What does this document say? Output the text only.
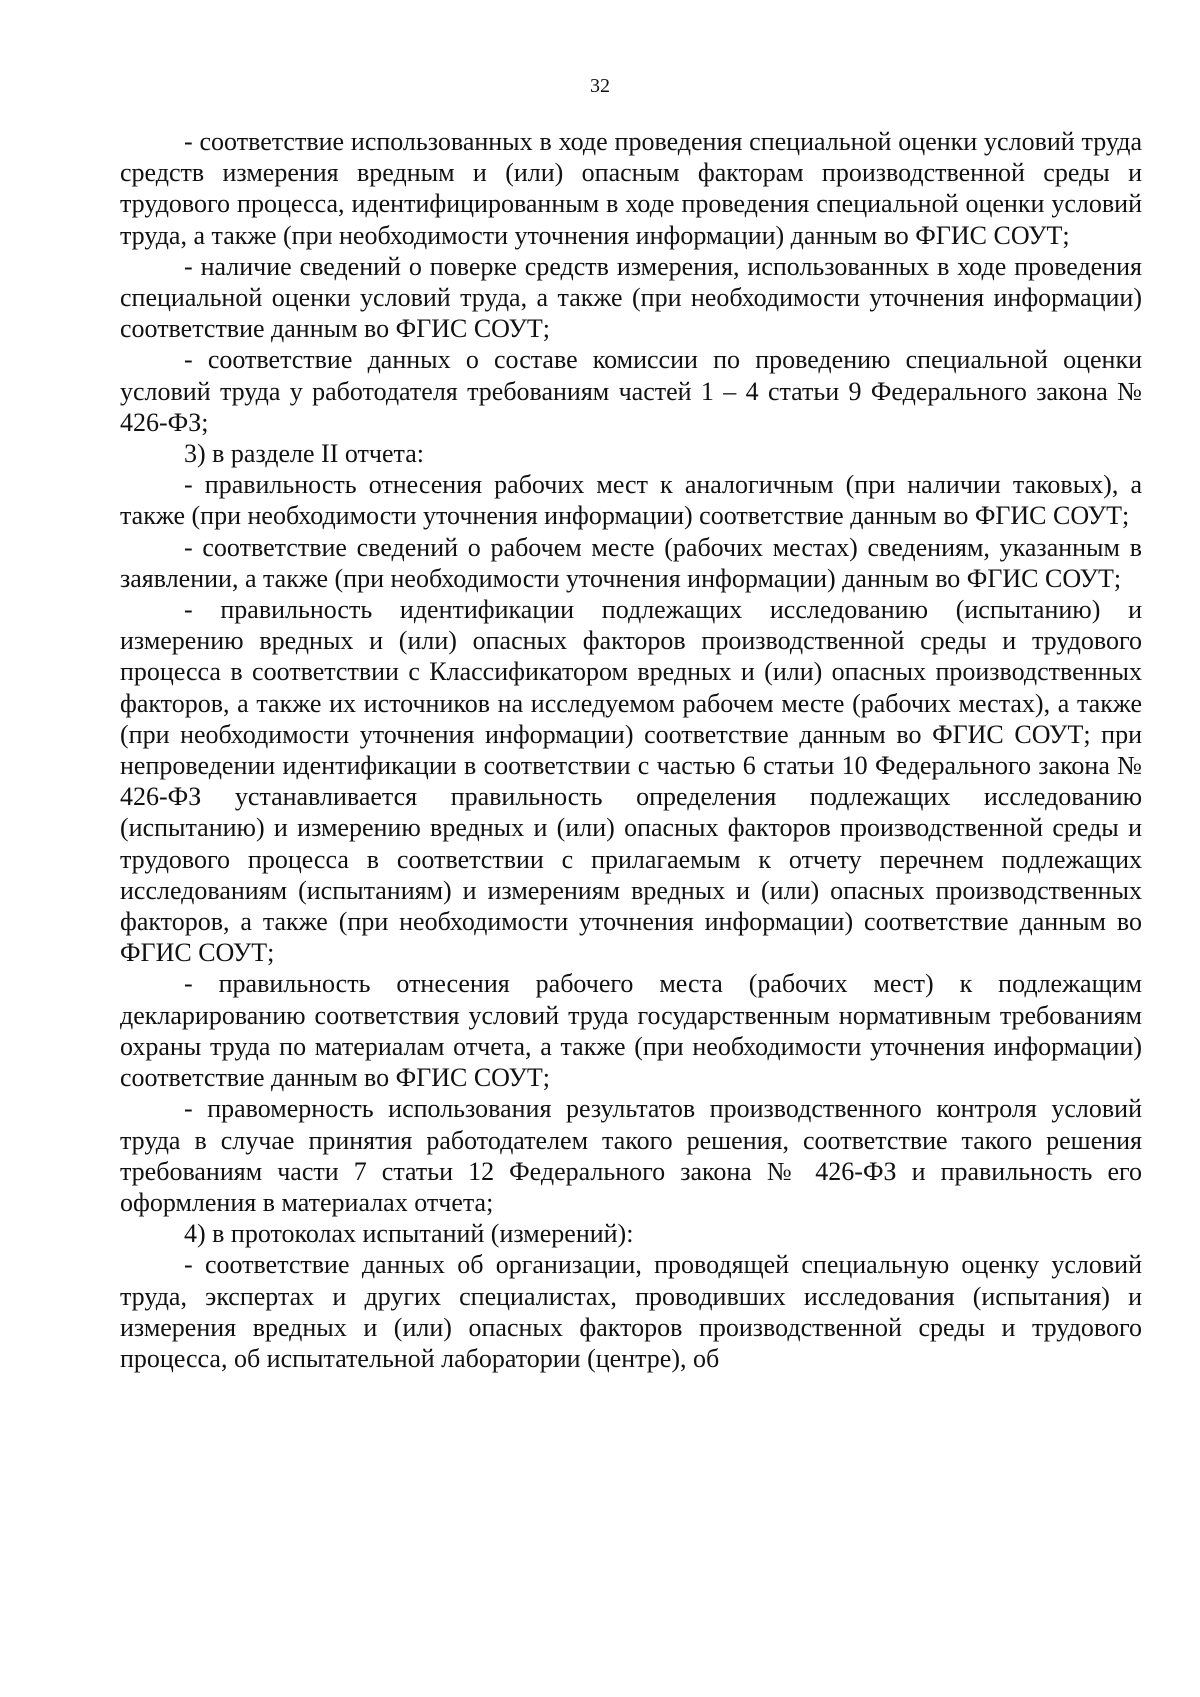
32

- соответствие использованных в ходе проведения специальной оценки условий труда средств измерения вредным и (или) опасным факторам производственной среды и трудового процесса, идентифицированным в ходе проведения специальной оценки условий труда, а также (при необходимости уточнения информации) данным во ФГИС СОУТ;

- наличие сведений о поверке средств измерения, использованных в ходе проведения специальной оценки условий труда, а также (при необходимости уточнения информации) соответствие данным во ФГИС СОУТ;

- соответствие данных о составе комиссии по проведению специальной оценки условий труда у работодателя требованиям частей 1 – 4 статьи 9 Федерального закона № 426-ФЗ;

3) в разделе II отчета:

- правильность отнесения рабочих мест к аналогичным (при наличии таковых), а также (при необходимости уточнения информации) соответствие данным во ФГИС СОУТ;

- соответствие сведений о рабочем месте (рабочих местах) сведениям, указанным в заявлении, а также (при необходимости уточнения информации) данным во ФГИС СОУТ;

- правильность идентификации подлежащих исследованию (испытанию) и измерению вредных и (или) опасных факторов производственной среды и трудового процесса в соответствии с Классификатором вредных и (или) опасных производственных факторов, а также их источников на исследуемом рабочем месте (рабочих местах), а также (при необходимости уточнения информации) соответствие данным во ФГИС СОУТ; при непроведении идентификации в соответствии с частью 6 статьи 10 Федерального закона № 426-ФЗ устанавливается правильность определения подлежащих исследованию (испытанию) и измерению вредных и (или) опасных факторов производственной среды и трудового процесса в соответствии с прилагаемым к отчету перечнем подлежащих исследованиям (испытаниям) и измерениям вредных и (или) опасных производственных факторов, а также (при необходимости уточнения информации) соответствие данным во ФГИС СОУТ;

- правильность отнесения рабочего места (рабочих мест) к подлежащим декларированию соответствия условий труда государственным нормативным требованиям охраны труда по материалам отчета, а также (при необходимости уточнения информации) соответствие данным во ФГИС СОУТ;

- правомерность использования результатов производственного контроля условий труда в случае принятия работодателем такого решения, соответствие такого решения требованиям части 7 статьи 12 Федерального закона № 426-ФЗ и правильность его оформления в материалах отчета;

4) в протоколах испытаний (измерений):

- соответствие данных об организации, проводящей специальную оценку условий труда, экспертах и других специалистах, проводивших исследования (испытания) и измерения вредных и (или) опасных факторов производственной среды и трудового процесса, об испытательной лаборатории (центре), об
